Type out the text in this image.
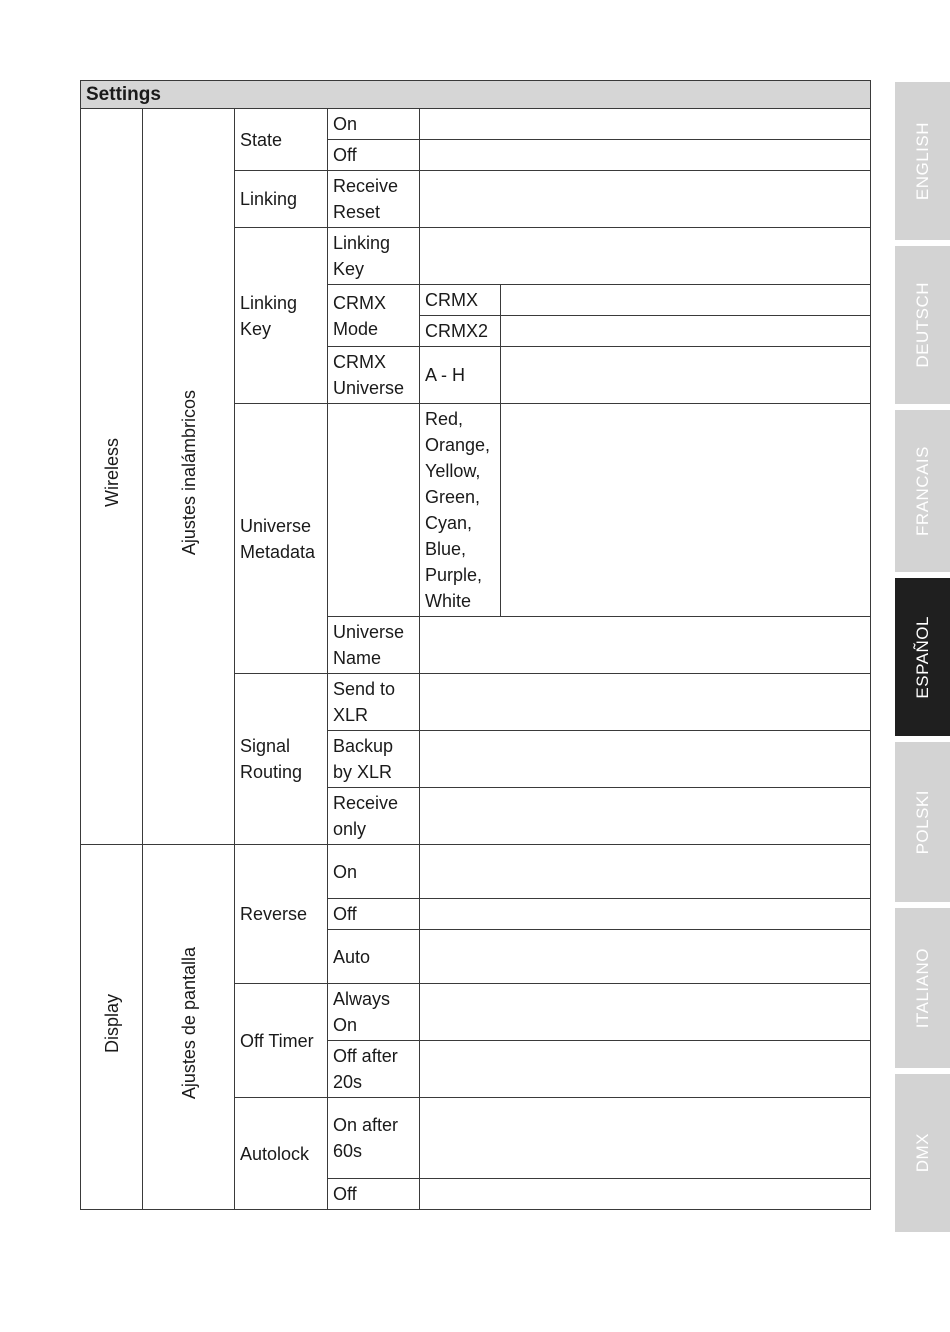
Settings					
Wireless	Ajustes inalámbricos	State	On		
			Off		
		Linking	Receive Reset		
		Linking Key	Linking Key		
			CRMX Mode	CRMX	
				CRMX2	
			CRMX Universe	A - H	
		Universe Metadata		Red, Orange, Yellow, Green, Cyan, Blue, Purple, White	
			Universe Name		
		Signal Routing	Send to XLR		
			Backup by XLR		
			Receive only		

Display	Ajustes de pantalla	Reverse	On		
			Off		
			Auto		
		Off Timer	Always On		
			Off after 20s		
		Autolock	On after 60s		
			Off		
ENGLISH
DEUTSCH
FRANCAIS
ESPAÑOL
POLSKI
ITALIANO
DMX
